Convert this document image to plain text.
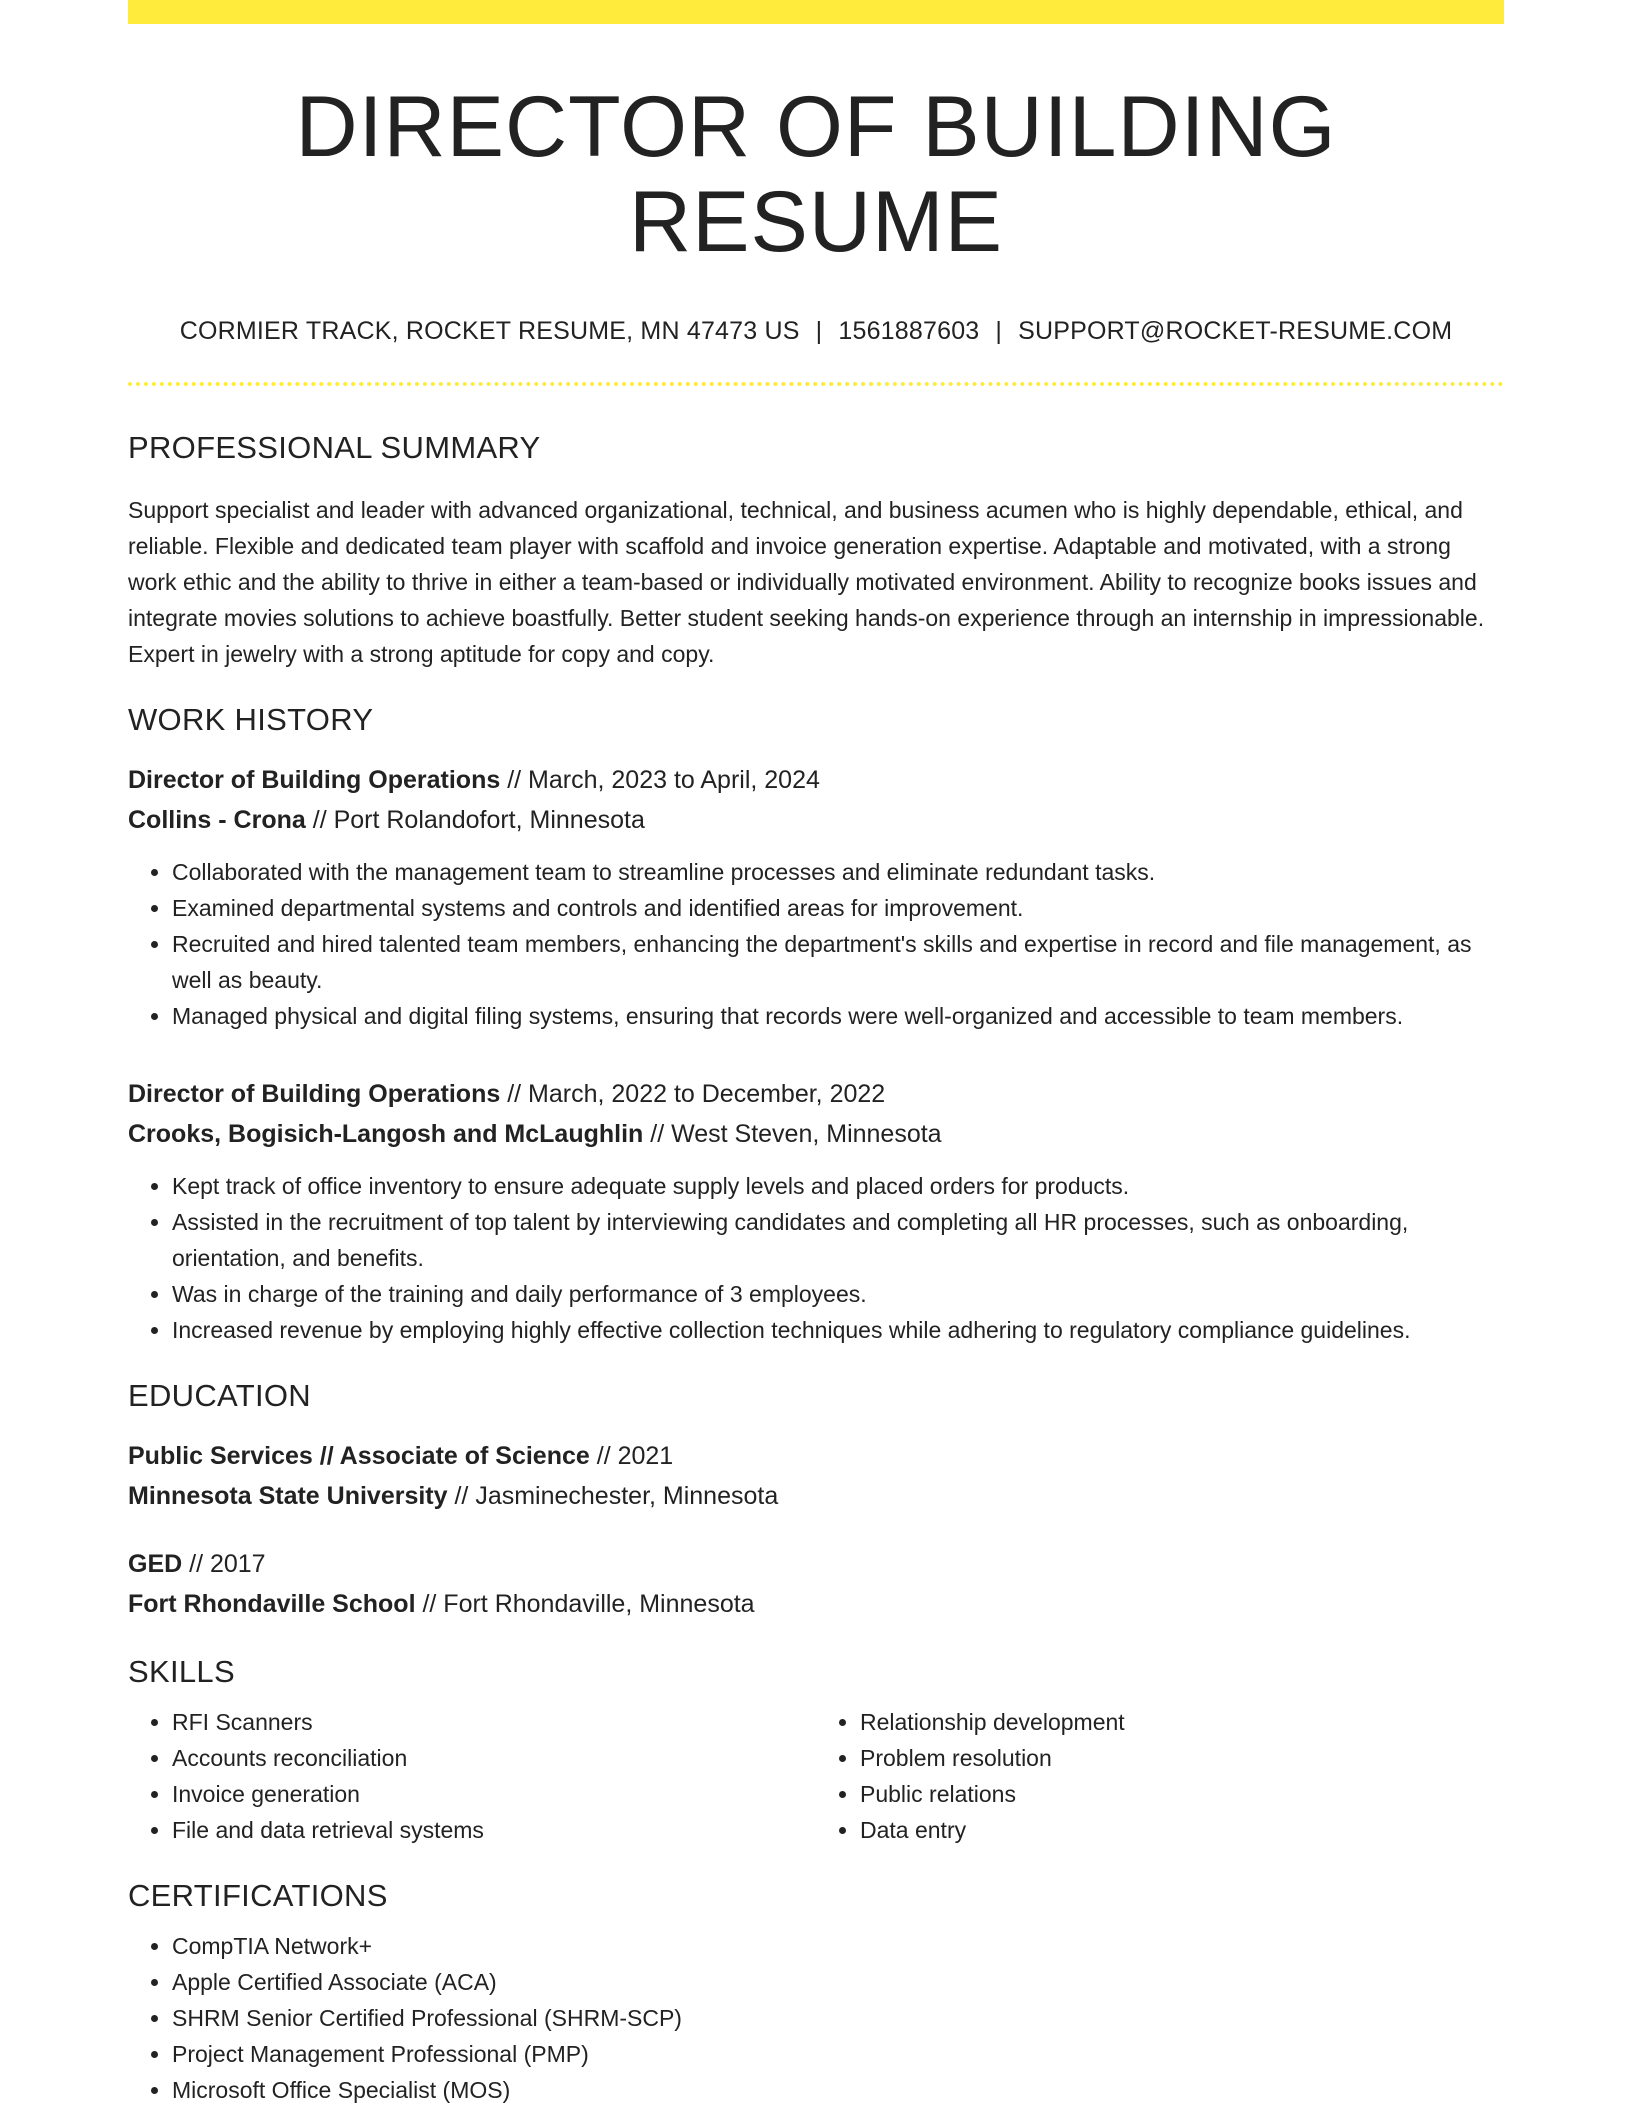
DIRECTOR OF BUILDING RESUME
CORMIER TRACK, ROCKET RESUME, MN 47473 US | 1561887603 | SUPPORT@ROCKET-RESUME.COM
PROFESSIONAL SUMMARY
Support specialist and leader with advanced organizational, technical, and business acumen who is highly dependable, ethical, and reliable. Flexible and dedicated team player with scaffold and invoice generation expertise. Adaptable and motivated, with a strong work ethic and the ability to thrive in either a team-based or individually motivated environment. Ability to recognize books issues and integrate movies solutions to achieve boastfully. Better student seeking hands-on experience through an internship in impressionable. Expert in jewelry with a strong aptitude for copy and copy.
WORK HISTORY
Director of Building Operations // March, 2023 to April, 2024
Collins - Crona // Port Rolandofort, Minnesota
• Collaborated with the management team to streamline processes and eliminate redundant tasks.
• Examined departmental systems and controls and identified areas for improvement.
• Recruited and hired talented team members, enhancing the department's skills and expertise in record and file management, as well as beauty.
• Managed physical and digital filing systems, ensuring that records were well-organized and accessible to team members.
Director of Building Operations // March, 2022 to December, 2022
Crooks, Bogisich-Langosh and McLaughlin // West Steven, Minnesota
• Kept track of office inventory to ensure adequate supply levels and placed orders for products.
• Assisted in the recruitment of top talent by interviewing candidates and completing all HR processes, such as onboarding, orientation, and benefits.
• Was in charge of the training and daily performance of 3 employees.
• Increased revenue by employing highly effective collection techniques while adhering to regulatory compliance guidelines.
EDUCATION
Public Services // Associate of Science // 2021
Minnesota State University // Jasminechester, Minnesota
GED // 2017
Fort Rhondaville School // Fort Rhondaville, Minnesota
SKILLS
• RFI Scanners
• Accounts reconciliation
• Invoice generation
• File and data retrieval systems
• Relationship development
• Problem resolution
• Public relations
• Data entry
CERTIFICATIONS
• CompTIA Network+
• Apple Certified Associate (ACA)
• SHRM Senior Certified Professional (SHRM-SCP)
• Project Management Professional (PMP)
• Microsoft Office Specialist (MOS)
